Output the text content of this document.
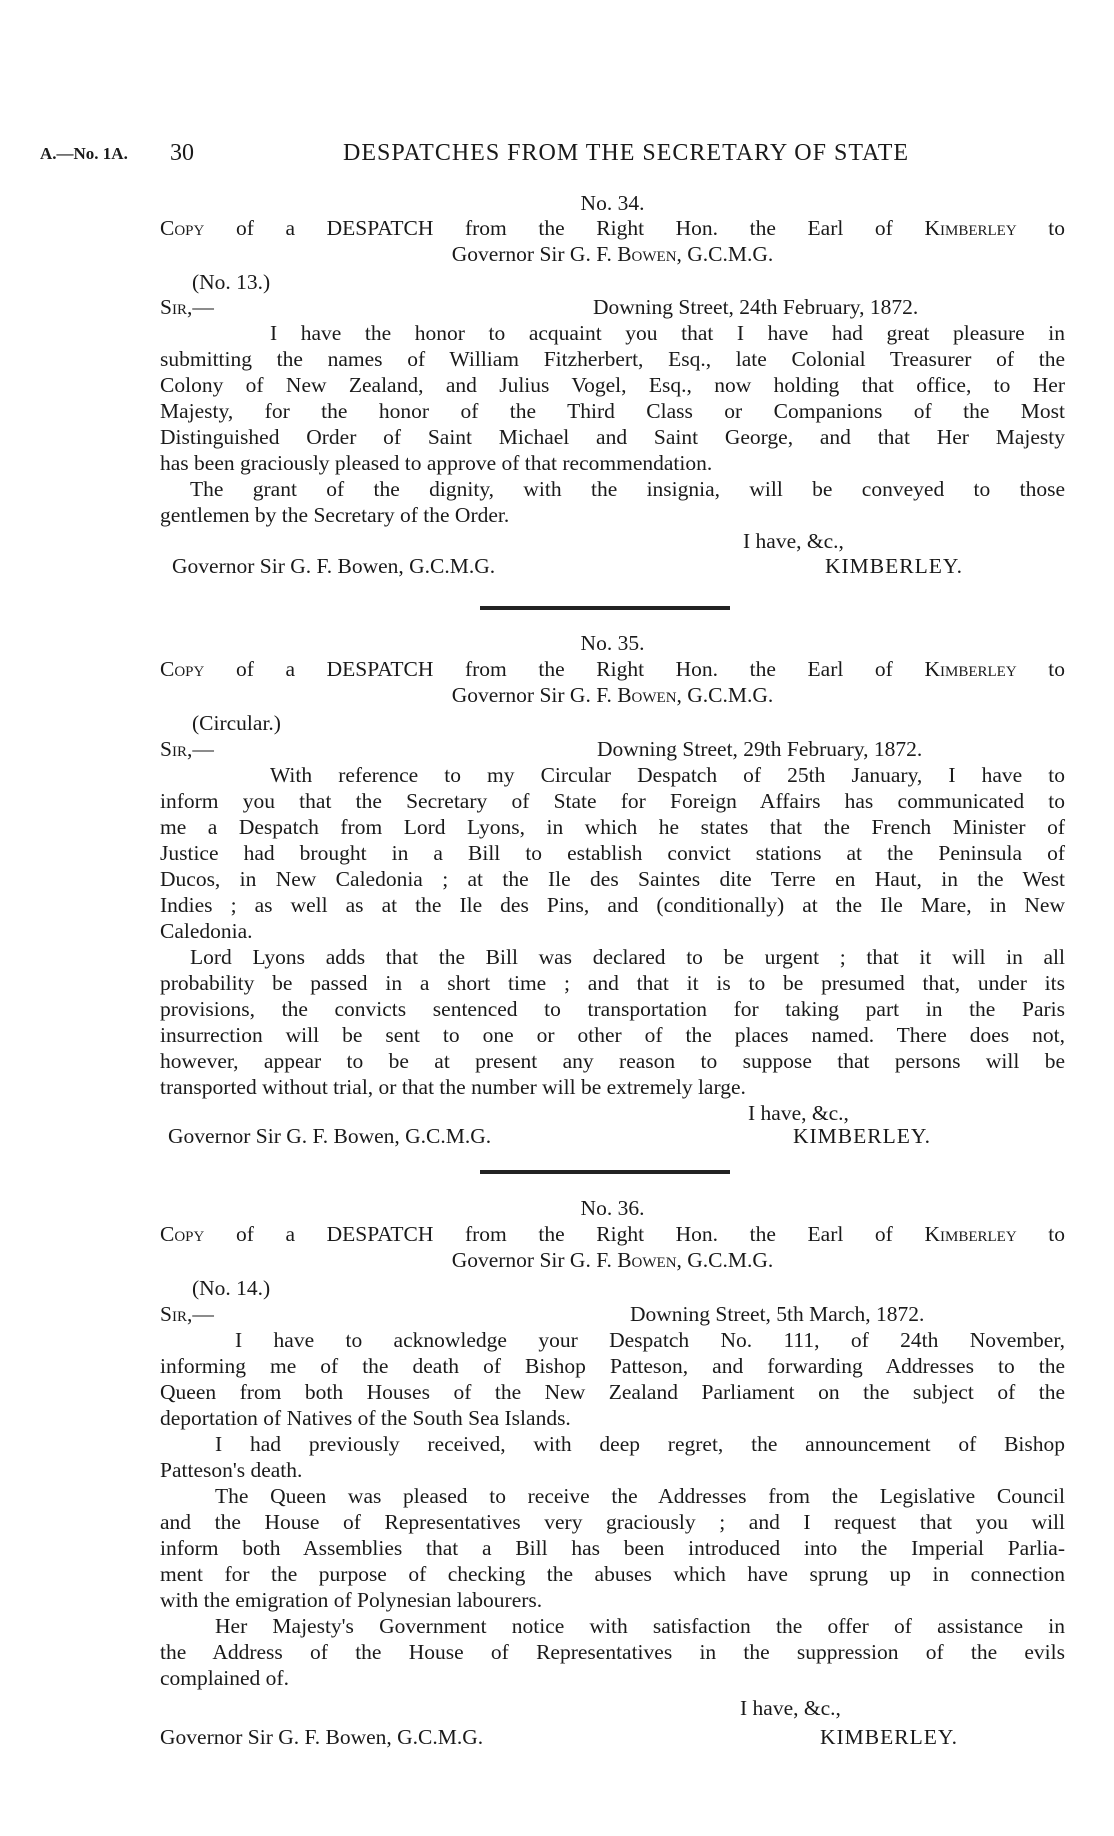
A.—No. 1A. 30	DESPATCHES FROM THE SECRETARY OF STATE
No. 34.
Copy of a DESPATCH from the Right Hon. the Earl of Kimberley to
Governor Sir G. F. Bowen, G.C.M.G.
(No. 13.)
Sir,—	Downing Street, 24th February, 1872.
I have the honor to acquaint you that I have had great pleasure in
submitting the names of William Fitzherbert, Esq., late Colonial Treasurer of the
Colony of New Zealand, and Julius Vogel, Esq., now holding that office, to Her
Majesty, for the honor of the Third Class or Companions of the Most
Distinguished Order of Saint Michael and Saint George, and that Her Majesty
has been graciously pleased to approve of that recommendation.
The grant of the dignity, with the insignia, will be conveyed to those
gentlemen by the Secretary of the Order.
I have, &c.,
Governor Sir G. F. Bowen, G.C.M.G.	KIMBERLEY.
No. 35.
Copy of a DESPATCH from the Right Hon. the Earl of Kimberley to
Governor Sir G. F. Bowen, G.C.M.G.
(Circular.)
Sir,—	Downing Street, 29th February, 1872.
With reference to my Circular Despatch of 25th January, I have to
inform you that the Secretary of State for Foreign Affairs has communicated to
me a Despatch from Lord Lyons, in which he states that the French Minister of
Justice had brought in a Bill to establish convict stations at the Peninsula of
Ducos, in New Caledonia ; at the Ile des Saintes dite Terre en Haut, in the West
Indies ; as well as at the Ile des Pins, and (conditionally) at the Ile Mare, in New
Caledonia.
Lord Lyons adds that the Bill was declared to be urgent ; that it will in all
probability be passed in a short time ; and that it is to be presumed that, under its
provisions, the convicts sentenced to transportation for taking part in the Paris
insurrection will be sent to one or other of the places named. There does not,
however, appear to be at present any reason to suppose that persons will be
transported without trial, or that the number will be extremely large.
I have, &c.,
Governor Sir G. F. Bowen, G.C.M.G.	KIMBERLEY.
No. 36.
Copy of a DESPATCH from the Right Hon. the Earl of Kimberley to
Governor Sir G. F. Bowen, G.C.M.G.
(No. 14.)
Sir,—	Downing Street, 5th March, 1872.
I have to acknowledge your Despatch No. 111, of 24th November,
informing me of the death of Bishop Patteson, and forwarding Addresses to the
Queen from both Houses of the New Zealand Parliament on the subject of the
deportation of Natives of the South Sea Islands.
I had previously received, with deep regret, the announcement of Bishop
Patteson's death.
The Queen was pleased to receive the Addresses from the Legislative Council
and the House of Representatives very graciously ; and I request that you will
inform both Assemblies that a Bill has been introduced into the Imperial Parlia-
ment for the purpose of checking the abuses which have sprung up in connection
with the emigration of Polynesian labourers.
Her Majesty's Government notice with satisfaction the offer of assistance in
the Address of the House of Representatives in the suppression of the evils
complained of.
I have, &c.,
Governor Sir G. F. Bowen, G.C.M.G.	KIMBERLEY.
